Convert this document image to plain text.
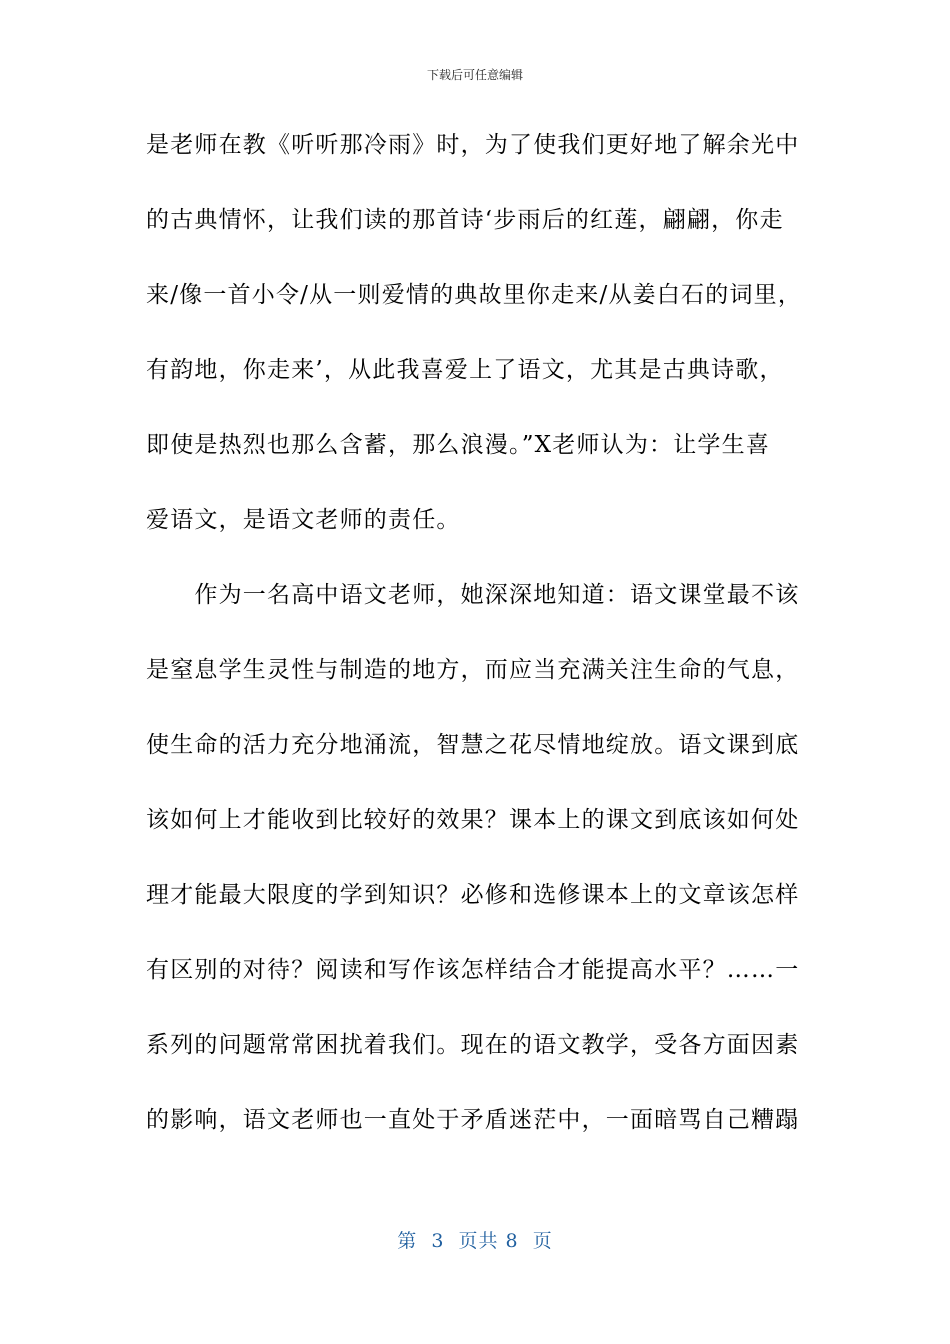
下载后可任意编辑
是老师在教《听听那冷雨》时，为了使我们更好地了解余光中
的古典情怀，让我们读的那首诗‘步雨后的红莲，翩翩，你走
来/像一首小令/从一则爱情的典故里你走来/从姜白石的词里，
有韵地，你走来’，从此我喜爱上了语文，尤其是古典诗歌，
即使是热烈也那么含蓄，那么浪漫。”X老师认为：让学生喜
爱语文，是语文老师的责任。
　　作为一名高中语文老师，她深深地知道：语文课堂最不该
是窒息学生灵性与制造的地方，而应当充满关注生命的气息，
使生命的活力充分地涌流，智慧之花尽情地绽放。语文课到底
该如何上才能收到比较好的效果？课本上的课文到底该如何处
理才能最大限度的学到知识？必修和选修课本上的文章该怎样
有区别的对待？阅读和写作该怎样结合才能提高水平？……一
系列的问题常常困扰着我们。现在的语文教学，受各方面因素
的影响，语文老师也一直处于矛盾迷茫中，一面暗骂自己糟蹋
第  3  页共 8  页
